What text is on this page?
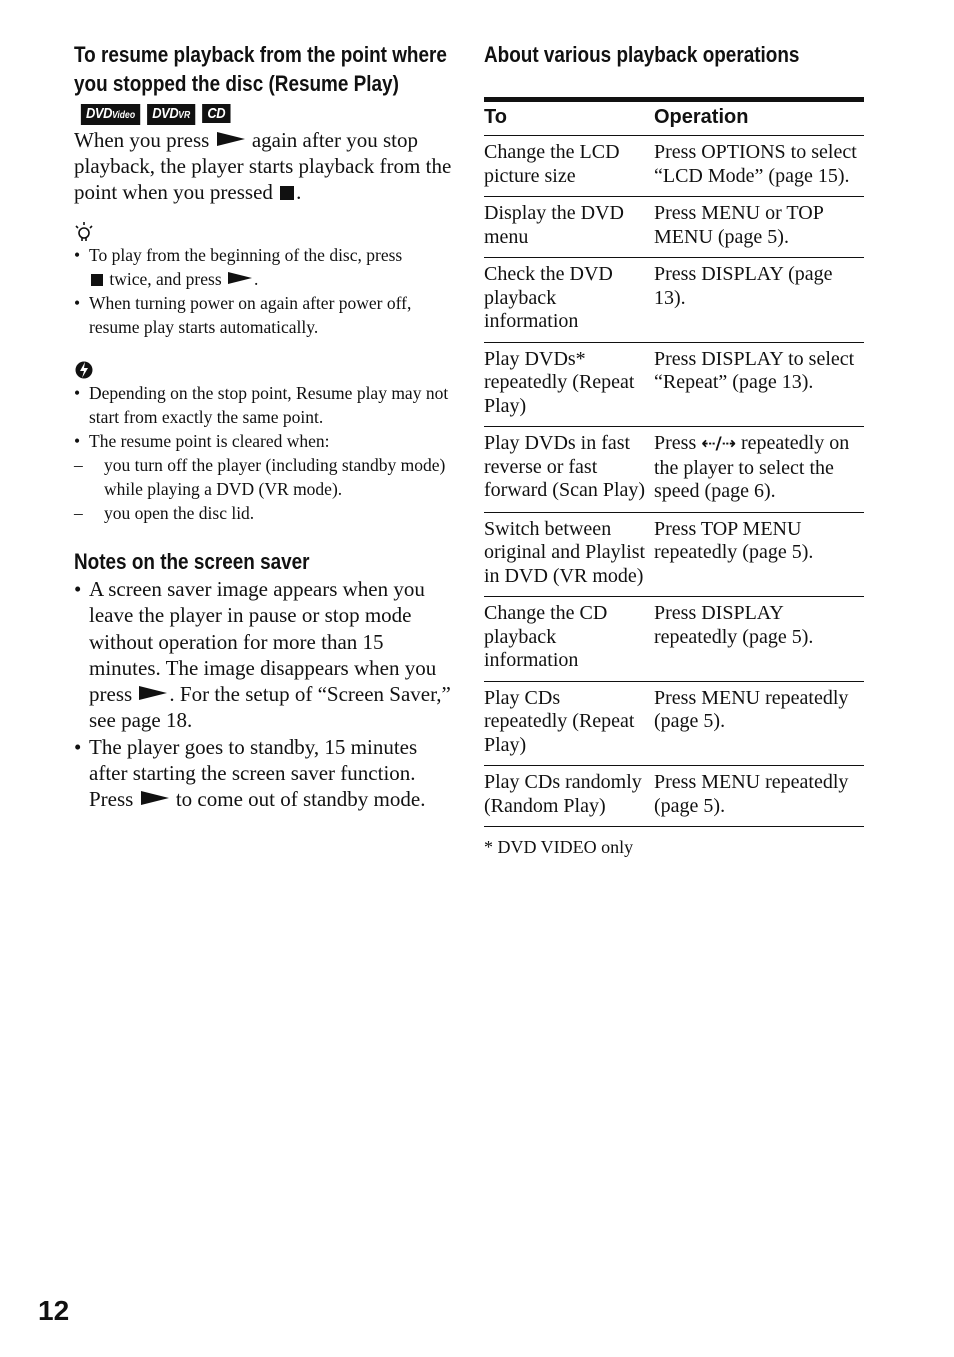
To resume playback from the point where you stopped the disc (Resume Play)DVDVideo DVDVR CD

When you press again after you stop playback, the player starts playback from the point when you pressed .

• To play from the beginning of the disc, press
twice, and press .
• When turning power on again after power off, resume play starts automatically.
• Depending on the stop point, Resume play may not start from exactly the same point.
• The resume point is cleared when:
– you turn off the player (including standby mode) while playing a DVD (VR mode).
– you open the disc lid.
Notes on the screen saver
• A screen saver image appears when you leave the player in pause or stop mode without operation for more than 15 minutes. The image disappears when you press . For the setup of “Screen Saver,” see page 18.
• The player goes to standby, 15 minutes after starting the screen saver function. Press to come out of standby mode.
About various playback operations
To	Operation
Change the LCD picture size	Press OPTIONS to select “LCD Mode” (page 15).
Display the DVD menu	Press MENU or TOP MENU (page 5).
Check the DVD playback information	Press DISPLAY (page 13).
Play DVDs* repeatedly (Repeat Play)	Press DISPLAY to select “Repeat” (page 13).
Play DVDs in fast reverse or fast forward (Scan Play)	Press ⇠/⇢ repeatedly on the player to select the speed (page 6).
Switch between original and Playlist in DVD (VR mode)	Press TOP MENU repeatedly (page 5).
Change the CD playback information	Press DISPLAY repeatedly (page 5).
Play CDs repeatedly (Repeat Play)	Press MENU repeatedly (page 5).
Play CDs randomly (Random Play)	Press MENU repeatedly (page 5).
* DVD VIDEO only
12
